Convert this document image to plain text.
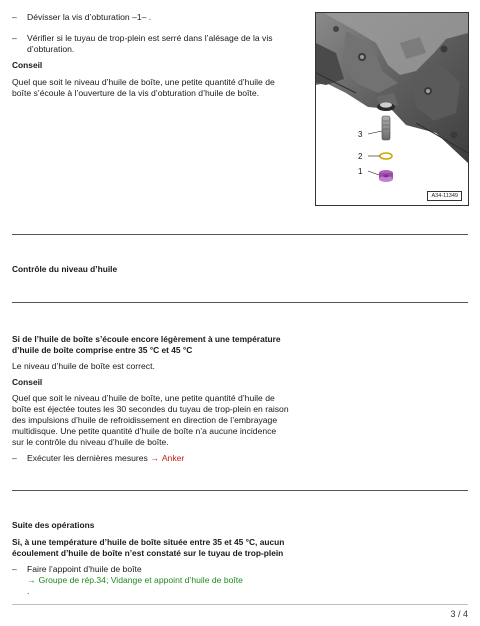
– Dévisser la vis d’obturation –1– .
– Vérifier si le tuyau de trop-plein est serré dans l’alésage de la vis
d’obturation.
Conseil
Quel que soit le niveau d’huile de boîte, une petite quantité d’huile de
boîte s’écoule à l’ouverture de la vis d’obturation d’huile de boîte.
3
2
1
A34-11349
Contrôle du niveau d’huile
Si de l’huile de boîte s’écoule encore légèrement à une température
d’huile de boîte comprise entre 35 °C et 45 °C
Le niveau d’huile de boîte est correct.
Conseil
Quel que soit le niveau d’huile de boîte, une petite quantité d’huile de
boîte est éjectée toutes les 30 secondes du tuyau de trop-plein en raison
des impulsions d’huile de refroidissement en direction de l’embrayage
multidisque. Une petite quantité d’huile de boîte n’a aucune incidence
sur le contrôle du niveau d’huile de boîte.
– Exécuter les dernières mesures → Anker
Suite des opérations
Si, à une température d’huile de boîte située entre 35 et 45 °C, aucun
écoulement d’huile de boîte n’est constaté sur le tuyau de trop-plein
– Faire l’appoint d’huile de boîte
→ Groupe de rép.34; Vidange et appoint d’huile de boîte
.
3 / 4
